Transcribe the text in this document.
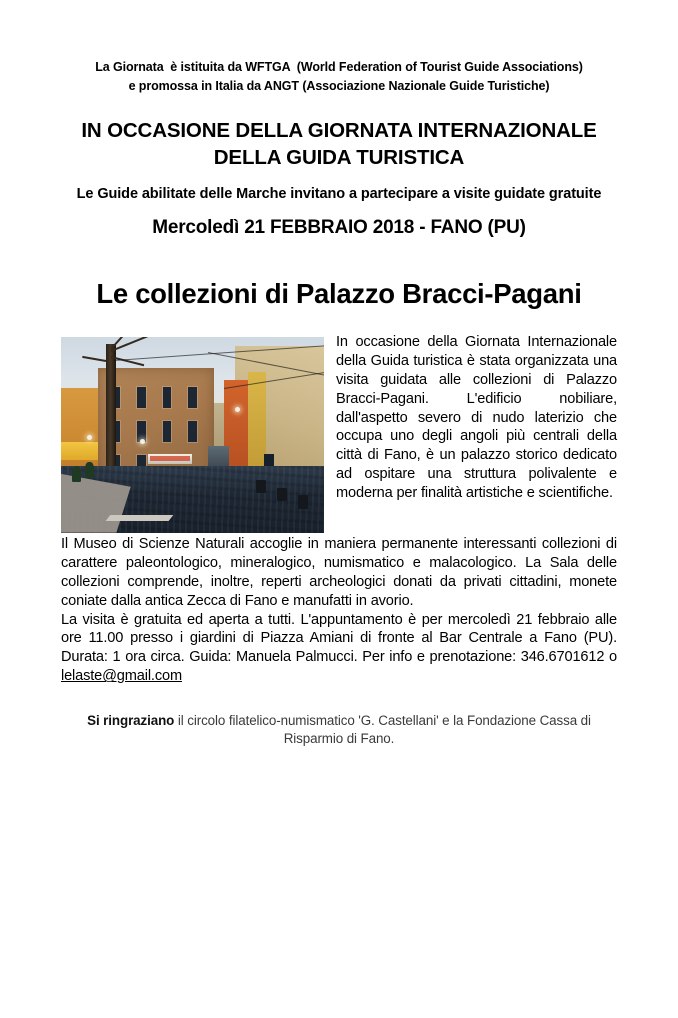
La Giornata  è istituita da WFTGA  (World Federation of Tourist Guide Associations)
e promossa in Italia da ANGT (Associazione Nazionale Guide Turistiche)
IN OCCASIONE DELLA GIORNATA INTERNAZIONALE DELLA GUIDA TURISTICA
Le Guide abilitate delle Marche invitano a partecipare a visite guidate gratuite
Mercoledì 21 FEBBRAIO 2018 - FANO (PU)
Le collezioni di Palazzo Bracci-Pagani

In occasione della Giornata Internazionale della Guida turistica è stata organizzata una visita guidata alle collezioni di Palazzo Bracci-Pagani. L'edificio nobiliare, dall'aspetto severo di nudo laterizio che occupa uno degli angoli più centrali della città di Fano, è un palazzo storico dedicato ad ospitare una struttura polivalente e moderna per finalità artistiche e scientifiche.

Il Museo di Scienze Naturali accoglie in maniera permanente interessanti collezioni di carattere paleontologico, mineralogico, numismatico e malacologico. La Sala delle collezioni comprende, inoltre, reperti archeologici donati da privati cittadini, monete coniate dalla antica Zecca di Fano e manufatti in avorio.

La visita è gratuita ed aperta a tutti. L'appuntamento è per mercoledì 21 febbraio alle ore 11.00 presso i giardini di Piazza Amiani di fronte al Bar Centrale a Fano (PU). Durata: 1 ora circa. Guida: Manuela Palmucci. Per info e prenotazione: 346.6701612 o lelaste@gmail.com

Si ringraziano il circolo filatelico-numismatico 'G. Castellani' e la Fondazione Cassa di Risparmio di Fano.
